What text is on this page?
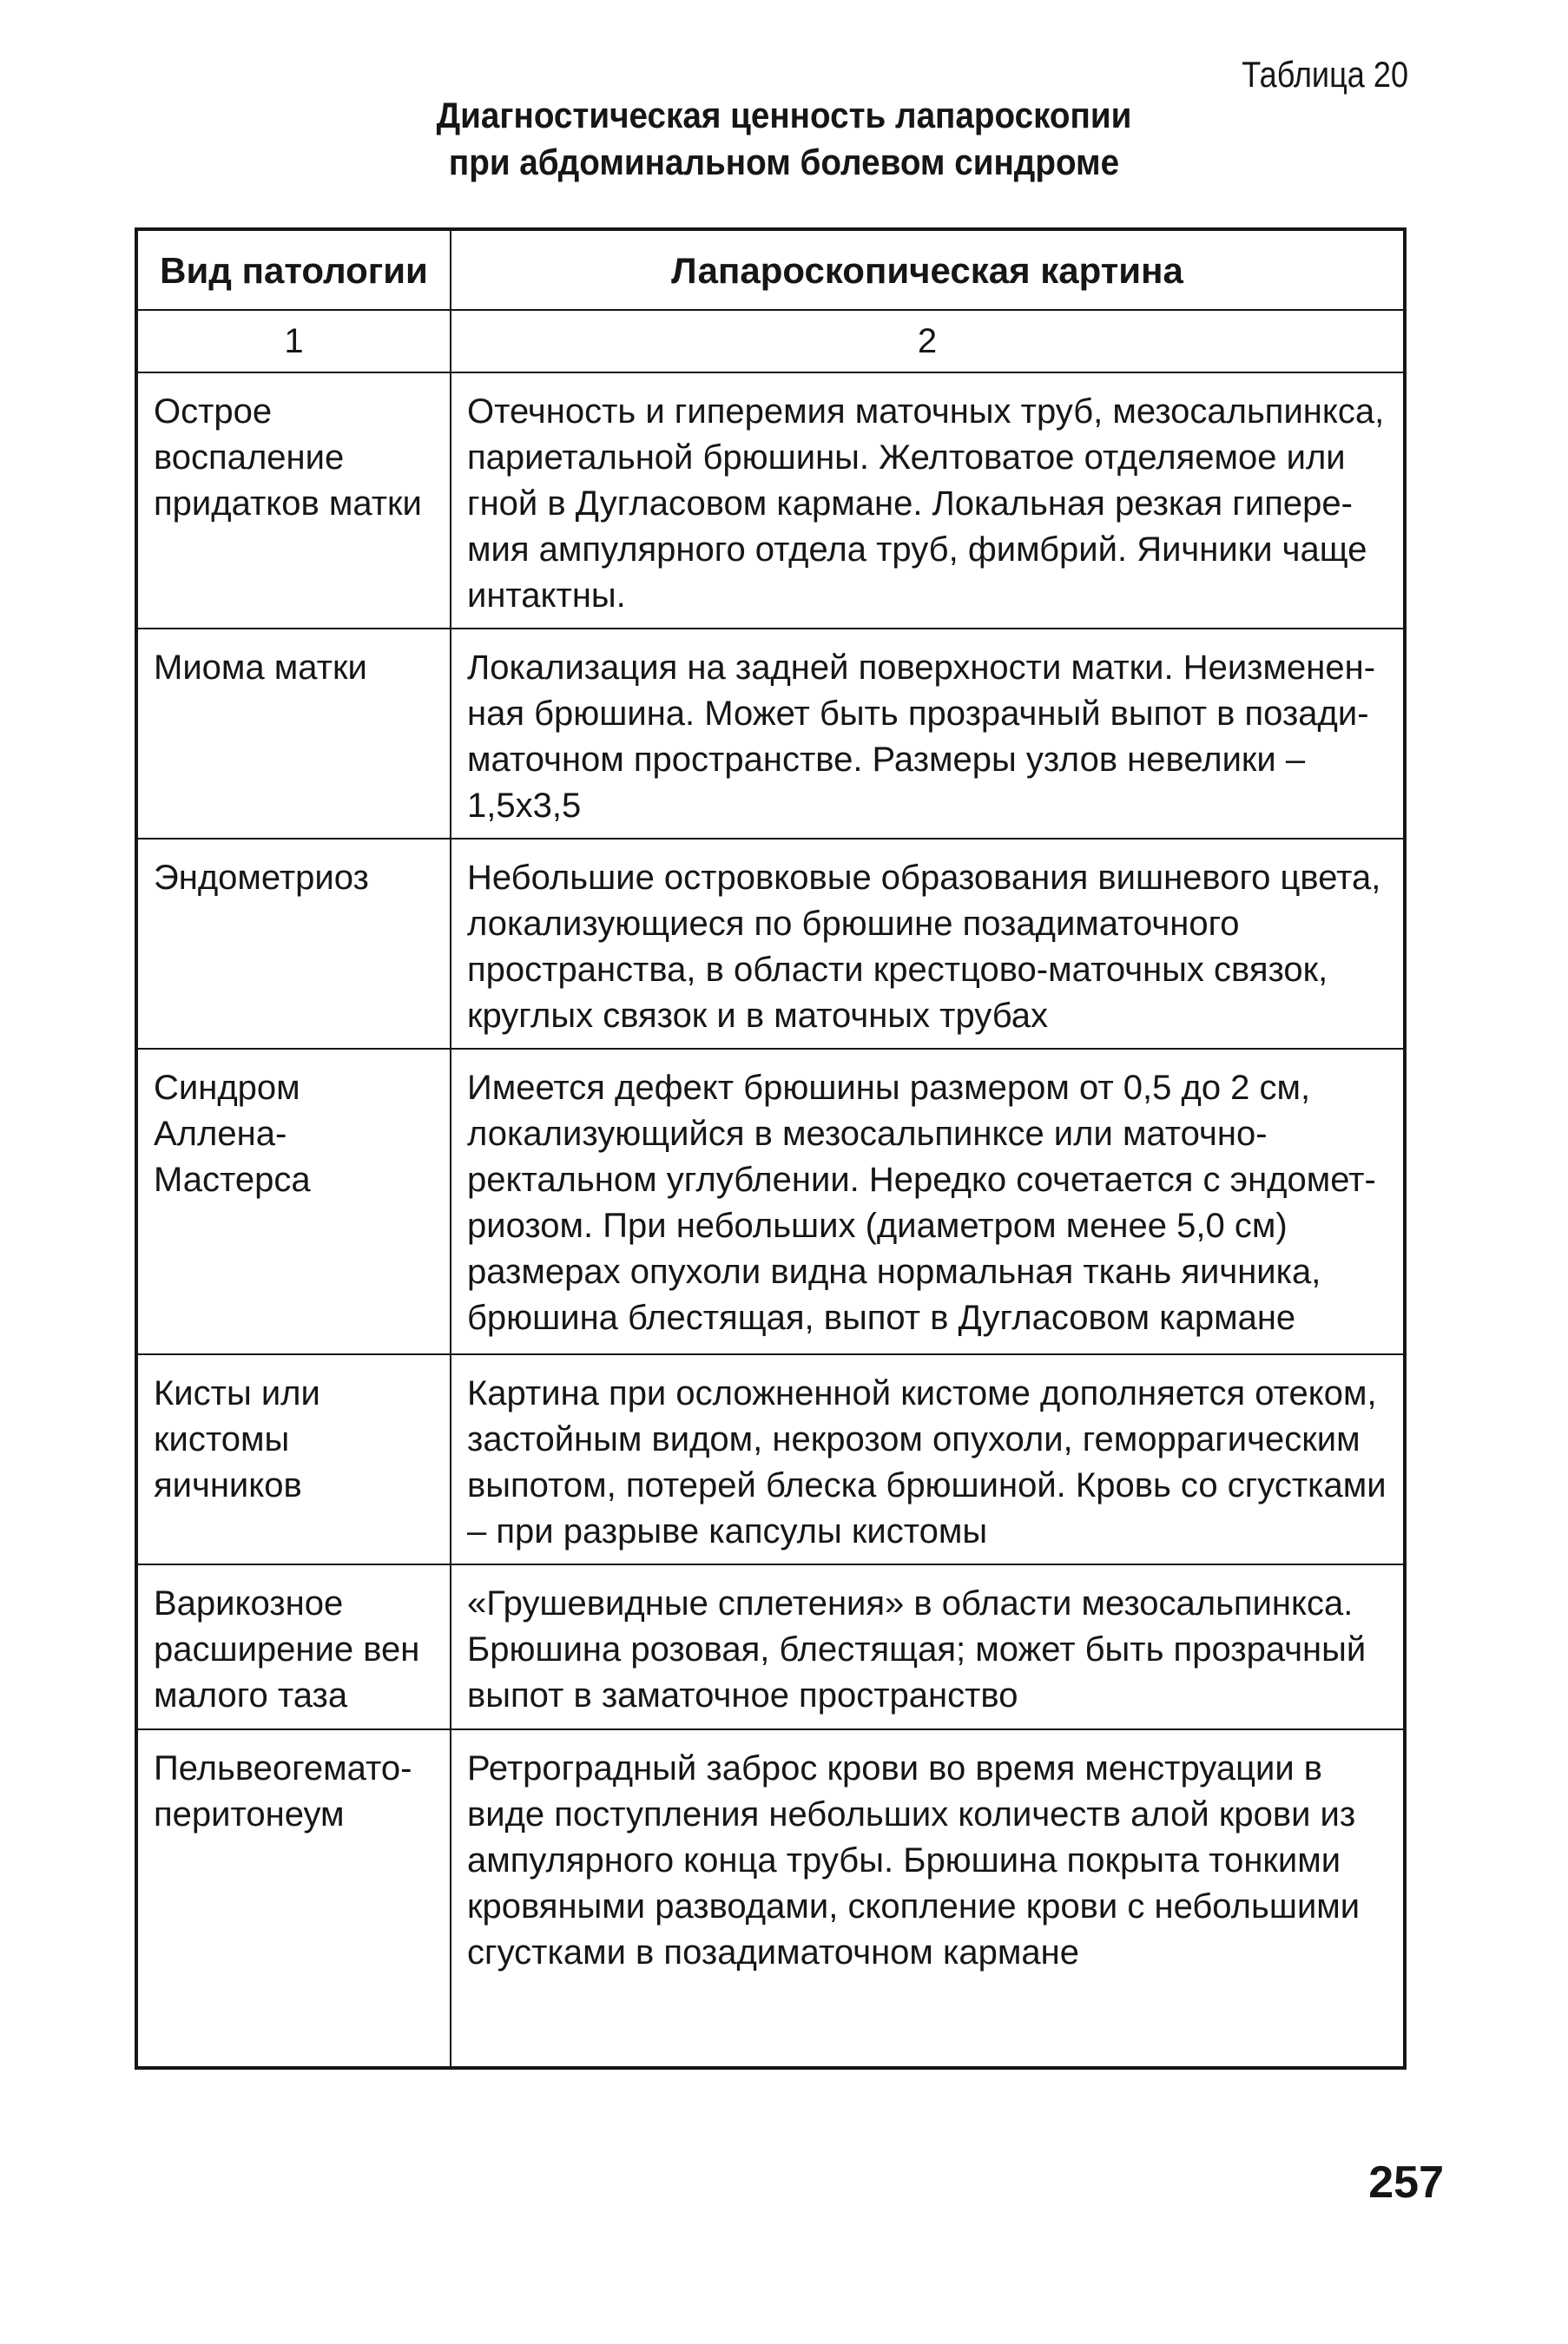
Таблица 20
Диагностическая ценность лапароскопии
при абдоминальном болевом синдроме
Вид патологии	Лапароскопическая картина
1	2
Острое воспаление придатков матки	Отечность и гиперемия маточных труб, мезосальпинкса, париетальной брюшины. Желтоватое отделяемое или гной в Дугласовом кармане. Локальная резкая гиперемия ампулярного отдела труб, фимбрий. Яичники чаще интактны.
Миома матки	Локализация на задней поверхности матки. Неизмененная брюшина. Может быть прозрачный выпот в позадиматочном пространстве. Размеры узлов невелики – 1,5х3,5
Эндометриоз	Небольшие островковые образования вишневого цвета, локализующиеся по брюшине позадиматочного пространства, в области крестцово-маточных связок, круглых связок и в маточных трубах
Синдром Аллена-Мастерса	Имеется дефект брюшины размером от 0,5 до 2 см, локализующийся в мезосальпинксе или маточноректальном углублении. Нередко сочетается с эндометриозом. При небольших (диаметром менее 5,0 см) размерах опухоли видна нормальная ткань яичника, брюшина блестящая, выпот в Дугласовом кармане
Кисты или кистомы яичников	Картина при осложненной кистоме дополняется отеком, застойным видом, некрозом опухоли, геморрагическим выпотом, потерей блеска брюшиной. Кровь со сгустками – при разрыве капсулы кистомы
Варикозное расширение вен малого таза	«Грушевидные сплетения» в области мезосальпинкса. Брюшина розовая, блестящая; может быть прозрачный выпот в заматочное пространство
Пельвеогематоперитонеум	Ретроградный заброс крови во время менструации в виде поступления небольших количеств алой крови из ампулярного конца трубы. Брюшина покрыта тонкими кровяными разводами, скопление крови с небольшими сгустками в позадиматочном кармане
257
